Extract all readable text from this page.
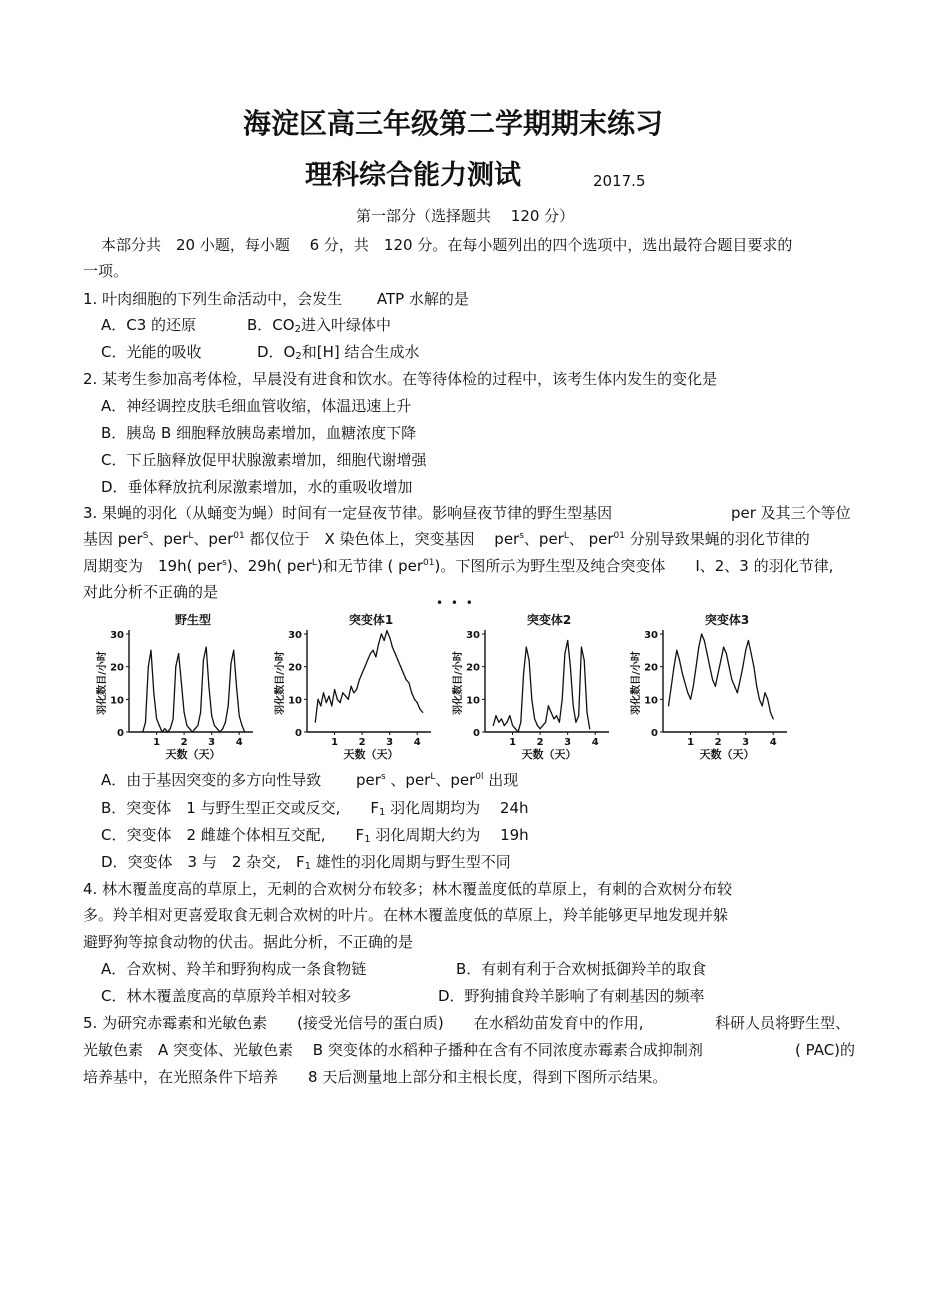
海淀区高三年级第二学期期末练习
理科综合能力测试	2017.5
第一部分（选择题共　 120 分）
本部分共　20 小题，每小题　 6 分，共　120 分。在每小题列出的四个选项中，选出最符合题目要求的
一项。
1. 叶肉细胞的下列生命活动中，会发生　　 ATP 水解的是
A．C3 的还原	B．$CO_2$进入叶绿体中
C．光能的吸收	D．$O_2$和[H] 结合生成水
2. 某考生参加高考体检，早晨没有进食和饮水。在等待体检的过程中，该考生体内发生的变化是
A．神经调控皮肤毛细血管收缩，体温迅速上升
B．胰岛 B 细胞释放胰岛素增加，血糖浓度下降
C．下丘脑释放促甲状腺激素增加，细胞代谢增强
D．垂体释放抗利尿激素增加，水的重吸收增加
3. 果蝇的羽化（从蛹变为蝇）时间有一定昼夜节律。影响昼夜节律的野生型基因	per 及其三个等位
基因 per$^S$、per$^L$、per$^{01}$ 都仅位于　X 染色体上，突变基因　 per$^s$、per$^L$、 per$^{01}$ 分别导致果蝇的羽化节律的
周期变为　19h( per$^s$)、29h( per$^L$)和无节律 ( per$^{01}$)。下图所示为野生型及纯合突变体　　I、2、3 的羽化节律,
对此分析不正确的是
• • •
野生型
0
10
20
30
1 2 3 4
天数（天）
羽化数目/小时
突变体1
0
10
20
30
1 2 3 4
天数（天）
羽化数目/小时
突变体2
0
10
20
30
1 2 3 4
天数（天）
羽化数目/小时
突变体3
0
10
20
30
1 2 3 4
天数（天）
羽化数目/小时
A．由于基因突变的多方向性导致　　 per$^s$ 、per$^L$、per$^{0l}$ 出现
B．突变体　1 与野生型正交或反交,　　$F_1$ 羽化周期均为　 24h
C．突变体　2 雌雄个体相互交配,　　$F_1$ 羽化周期大约为　 19h
D．突变体　3 与　2 杂交,　$F_1$ 雄性的羽化周期与野生型不同
4. 林木覆盖度高的草原上，无刺的合欢树分布较多；林木覆盖度低的草原上，有刺的合欢树分布较
多。羚羊相对更喜爱取食无刺合欢树的叶片。在林木覆盖度低的草原上，羚羊能够更早地发现并躲
避野狗等掠食动物的伏击。据此分析，不正确的是
A．合欢树、羚羊和野狗构成一条食物链	B．有刺有利于合欢树抵御羚羊的取食
C．林木覆盖度高的草原羚羊相对较多	D．野狗捕食羚羊影响了有刺基因的频率
5. 为研究赤霉素和光敏色素　　(接受光信号的蛋白质)　　在水稻幼苗发育中的作用,	科研人员将野生型、
光敏色素　A 突变体、光敏色素　 B 突变体的水稻种子播种在含有不同浓度赤霉素合成抑制剂	( PAC)的
培养基中，在光照条件下培养　　8 天后测量地上部分和主根长度，得到下图所示结果。
